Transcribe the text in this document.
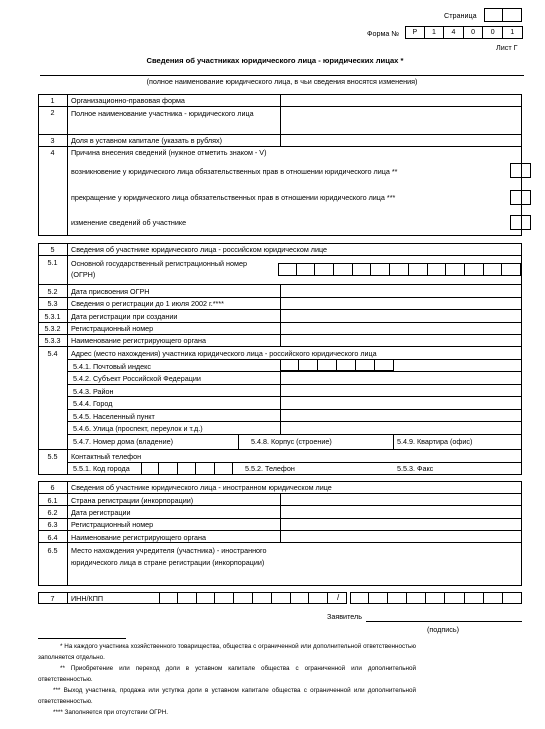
Страница
Форма №	Р	1	4	0	0	1
Лист Г
Сведения об участниках юридического лица - юридических лицах *
(полное наименование юридического лица, в чьи сведения вносятся изменения)
1	Организационно-правовая форма
2	Полное наименование участника - юридического лица
3	Доля в уставном капитале (указать в рублях)
4	Причина внесения сведений (нужное отметить знаком - V)
возникновение у юридического лица обязательственных прав в отношении юридического лица **
прекращение у юридического лица обязательственных прав в отношении юридического лица ***
изменение сведений об участнике
5	Сведения об участнике юридического лица - российском юридическом лице
5.1	Основной государственный регистрационный номер (ОГРН)
5.2	Дата присвоения ОГРН
5.3	Сведения о регистрации до 1 июля 2002 г.****
5.3.1	Дата регистрации при создании
5.3.2	Регистрационный номер
5.3.3	Наименование регистрирующего органа
5.4	Адрес (место нахождения) участника юридического лица - российского юридического лица
5.4.1. Почтовый индекс
5.4.2. Субъект Российской Федерации
5.4.3. Район
5.4.4. Город
5.4.5. Населенный пункт
5.4.6. Улица (проспект, переулок и т.д.)
5.4.7. Номер дома (владение)	5.4.8. Корпус (строение)	5.4.9. Квартира (офис)
5.5	Контактный телефон
5.5.1. Код города	5.5.2. Телефон	5.5.3. Факс
6	Сведения об участнике юридического лица - иностранном юридическом лице
6.1	Страна регистрации (инкорпорации)
6.2	Дата регистрации
6.3	Регистрационный номер
6.4	Наименование регистрирующего органа
6.5	Место нахождения учредителя (участника) - иностранного юридического лица в стране регистрации (инкорпорации)
7	ИНН/КПП	/
Заявитель
(подпись)
* На каждого участника хозяйственного товарищества, общества с ограниченной или дополнительной ответственностью заполняется отдельно.
** Приобретение или переход доли в уставном капитале общества с ограниченной или дополнительной ответственностью.
*** Выход участника, продажа или уступка доли в уставном капитале общества с ограниченной или дополнительной ответственностью.
**** Заполняется при отсутствии ОГРН.
